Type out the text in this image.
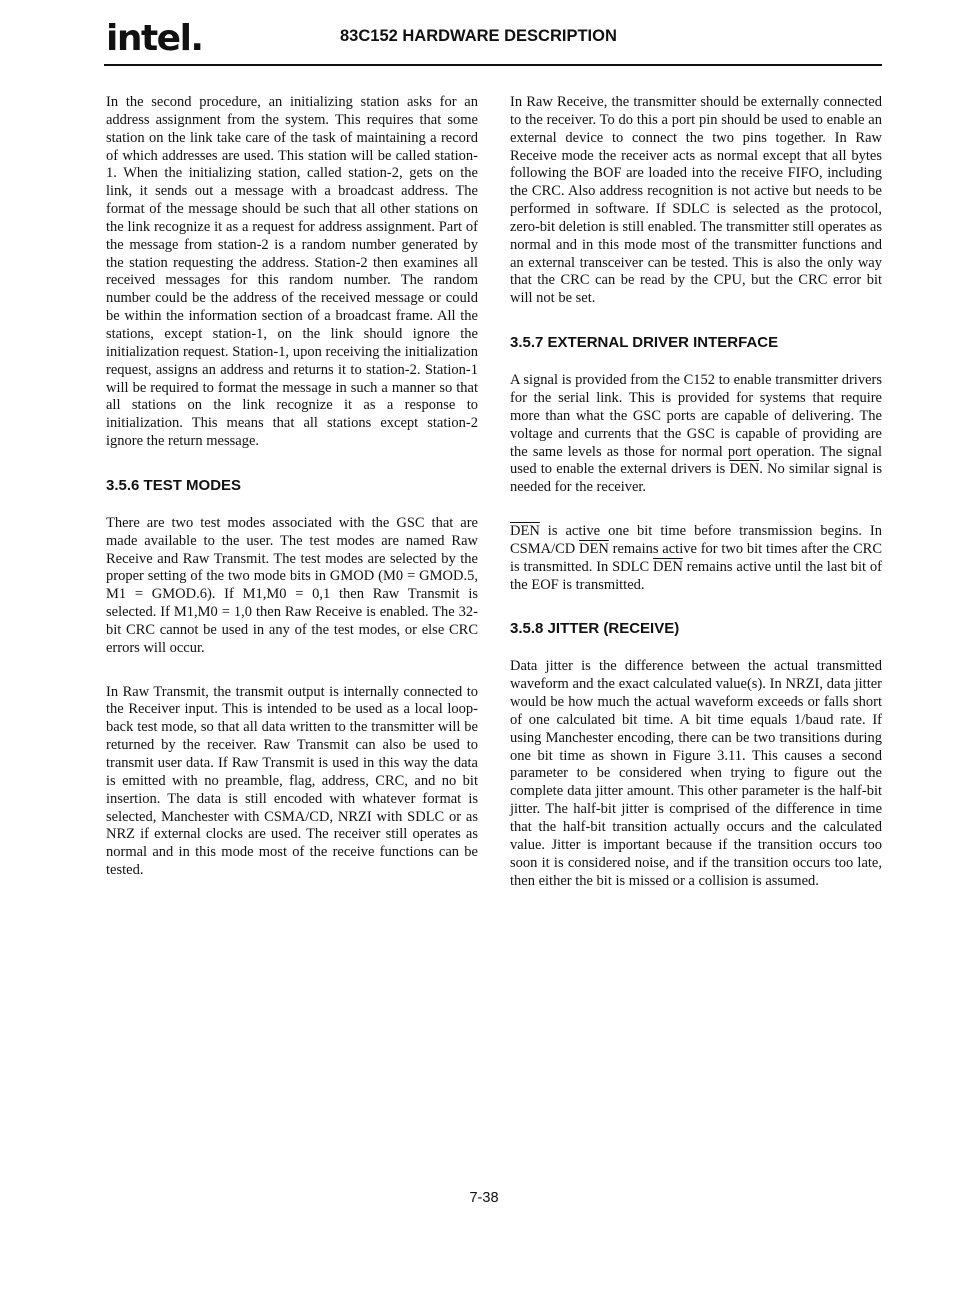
intel.	83C152 HARDWARE DESCRIPTION

In the second procedure, an initializing station asks for an address assignment from the system. This requires that some station on the link take care of the task of maintaining a record of which addresses are used. This station will be called station-1. When the initializing station, called station-2, gets on the link, it sends out a message with a broadcast address. The format of the message should be such that all other stations on the link recognize it as a request for address assignment. Part of the message from station-2 is a random number generated by the station requesting the address. Station-2 then examines all received messages for this random number. The random number could be the address of the received message or could be within the information section of a broadcast frame. All the stations, except station-1, on the link should ignore the initialization request. Station-1, upon receiving the initialization request, assigns an address and returns it to station-2. Station-1 will be required to format the message in such a manner so that all stations on the link recognize it as a response to initialization. This means that all stations except station-2 ignore the return message.

3.5.6 TEST MODES

There are two test modes associated with the GSC that are made available to the user. The test modes are named Raw Receive and Raw Transmit. The test modes are selected by the proper setting of the two mode bits in GMOD (M0 = GMOD.5, M1 = GMOD.6). If M1,M0 = 0,1 then Raw Transmit is selected. If M1,M0 = 1,0 then Raw Receive is enabled. The 32-bit CRC cannot be used in any of the test modes, or else CRC errors will occur.

In Raw Transmit, the transmit output is internally connected to the Receiver input. This is intended to be used as a local loop-back test mode, so that all data written to the transmitter will be returned by the receiver. Raw Transmit can also be used to transmit user data. If Raw Transmit is used in this way the data is emitted with no preamble, flag, address, CRC, and no bit insertion. The data is still encoded with whatever format is selected, Manchester with CSMA/CD, NRZI with SDLC or as NRZ if external clocks are used. The receiver still operates as normal and in this mode most of the receive functions can be tested.

In Raw Receive, the transmitter should be externally connected to the receiver. To do this a port pin should be used to enable an external device to connect the two pins together. In Raw Receive mode the receiver acts as normal except that all bytes following the BOF are loaded into the receive FIFO, including the CRC. Also address recognition is not active but needs to be performed in software. If SDLC is selected as the protocol, zero-bit deletion is still enabled. The transmitter still operates as normal and in this mode most of the transmitter functions and an external transceiver can be tested. This is also the only way that the CRC can be read by the CPU, but the CRC error bit will not be set.

3.5.7 EXTERNAL DRIVER INTERFACE

A signal is provided from the C152 to enable transmitter drivers for the serial link. This is provided for systems that require more than what the GSC ports are capable of delivering. The voltage and currents that the GSC is capable of providing are the same levels as those for normal port operation. The signal used to enable the external drivers is $\overline{DEN}$. No similar signal is needed for the receiver.

$\overline{DEN}$ is active one bit time before transmission begins. In CSMA/CD $\overline{DEN}$ remains active for two bit times after the CRC is transmitted. In SDLC $\overline{DEN}$ remains active until the last bit of the EOF is transmitted.

3.5.8 JITTER (RECEIVE)

Data jitter is the difference between the actual transmitted waveform and the exact calculated value(s). In NRZI, data jitter would be how much the actual waveform exceeds or falls short of one calculated bit time. A bit time equals 1/baud rate. If using Manchester encoding, there can be two transitions during one bit time as shown in Figure 3.11. This causes a second parameter to be considered when trying to figure out the complete data jitter amount. This other parameter is the half-bit jitter. The half-bit jitter is comprised of the difference in time that the half-bit transition actually occurs and the calculated value. Jitter is important because if the transition occurs too soon it is considered noise, and if the transition occurs too late, then either the bit is missed or a collision is assumed.

7-38
